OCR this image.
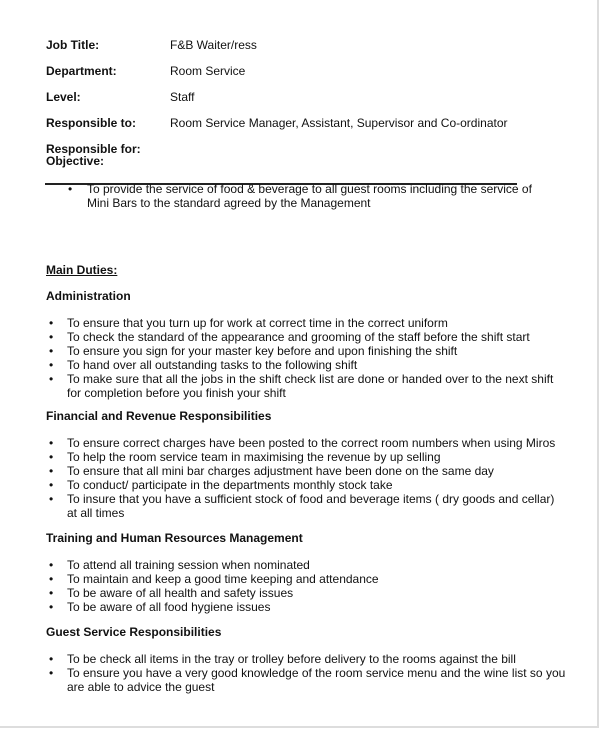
Job Title:	F&B Waiter/ress
Department:	Room Service
Level:	Staff
Responsible to:	Room Service Manager, Assistant, Supervisor and Co-ordinator
Responsible for:
Objective:
• To provide the service of food & beverage to all guest rooms including the service of Mini Bars to the standard agreed by the Management
Main Duties:
Administration
• To ensure that you turn up for work at correct time in the correct uniform
• To check the standard of the appearance and grooming of the staff before the shift start
• To ensure you sign for your master key before and upon finishing the shift
• To hand over all outstanding tasks to the following shift
• To make sure that all the jobs in the shift check list are done or handed over to the next shift for completion before you finish your shift
Financial and Revenue Responsibilities
• To ensure correct charges have been posted to the correct room numbers when using Miros
• To help the room service team in maximising the revenue by up selling
• To ensure that all mini bar charges adjustment have been done on the same day
• To conduct/ participate in the departments monthly stock take
• To insure that you have a sufficient stock of food and beverage items ( dry goods and cellar) at all times
Training and Human Resources Management
• To attend all training session when nominated
• To maintain and keep a good time keeping and attendance
• To be aware of all health and safety issues
• To be aware of all food hygiene issues
Guest Service Responsibilities
• To be check all items in the tray or trolley before delivery to the rooms against the bill
• To ensure you have a very good knowledge of the room service menu and the wine list so you are able to advice the guest
